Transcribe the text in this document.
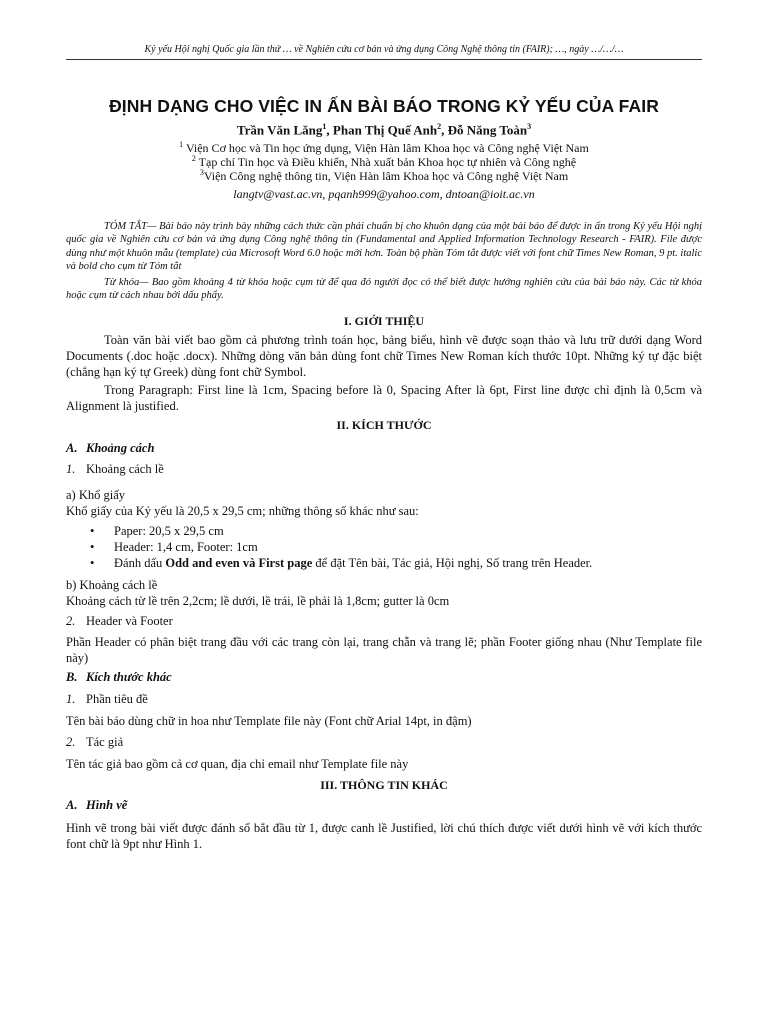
Kỷ yếu Hội nghị Quốc gia lần thứ … về Nghiên cứu cơ bản và ứng dụng Công Nghệ thông tin (FAIR); …, ngày …/…/…
ĐỊNH DẠNG CHO VIỆC IN ẤN BÀI BÁO TRONG KỶ YẾU CỦA FAIR
Trần Văn Lăng$^1$, Phan Thị Quế Anh$^2$, Đỗ Năng Toàn$^3$
$^1$ Viện Cơ học và Tin học ứng dụng, Viện Hàn lâm Khoa học và Công nghệ Việt Nam
$^2$ Tạp chí Tin học và Điều khiển, Nhà xuất bản Khoa học tự nhiên và Công nghệ
$^3$Viện Công nghệ thông tin, Viện Hàn lâm Khoa học và Công nghệ Việt Nam
langtv@vast.ac.vn, pqanh999@yahoo.com, dntoan@ioit.ac.vn
TÓM TẮT— Bài báo này trình bày những cách thức cần phải chuẩn bị cho khuôn dạng của một bài báo để được in ấn trong Kỷ yếu Hội nghị quốc gia về Nghiên cứu cơ bản và ứng dụng Công nghệ thông tin (Fundamental and Applied Information Technology Research - FAIR). File được dùng như một khuôn mẫu (template) của Microsoft Word 6.0 hoặc mới hơn. Toàn bộ phần Tóm tắt được viết với font chữ Times New Roman, 9 pt. italic và bold cho cụm từ Tóm tắt
Từ khóa— Bao gồm khoảng 4 từ khóa hoặc cụm từ để qua đó người đọc có thể biết được hướng nghiên cứu của bài báo này. Các từ khóa hoặc cụm từ cách nhau bởi dấu phẩy.
I. GIỚI THIỆU
Toàn văn bài viết bao gồm cả phương trình toán học, bảng biểu, hình vẽ được soạn thảo và lưu trữ dưới dạng Word Documents (.doc hoặc .docx). Những dòng văn bản dùng font chữ Times New Roman kích thước 10pt. Những ký tự đặc biệt (chẳng hạn ký tự Greek) dùng font chữ Symbol.
Trong Paragraph: First line là 1cm, Spacing before là 0, Spacing After là 6pt, First line được chỉ định là 0,5cm và Alignment là justified.
II. KÍCH THƯỚC
A. Khoảng cách
1. Khoảng cách lề
a) Khổ giấy
Khổ giấy của Kỷ yếu là 20,5 x 29,5 cm; những thông số khác như sau:
• Paper: 20,5 x 29,5 cm
• Header: 1,4 cm, Footer: 1cm
• Đánh dấu Odd and even và First page để đặt Tên bài, Tác giả, Hội nghị, Số trang trên Header.
b) Khoảng cách lề
Khoảng cách từ lề trên 2,2cm; lề dưới, lề trái, lề phải là 1,8cm; gutter là 0cm
2. Header và Footer
Phần Header có phân biệt trang đầu với các trang còn lại, trang chẵn và trang lẽ; phần Footer giống nhau (Như Template file này)
B. Kích thước khác
1. Phần tiêu đề
Tên bài báo dùng chữ in hoa như Template file này (Font chữ Arial 14pt, in đậm)
2. Tác giả
Tên tác giả bao gồm cả cơ quan, địa chỉ email như Template file này
III. THÔNG TIN KHÁC
A. Hình vẽ
Hình vẽ trong bài viết được đánh số bắt đầu từ 1, được canh lề Justified, lời chú thích được viết dưới hình vẽ với kích thước font chữ là 9pt như Hình 1.
